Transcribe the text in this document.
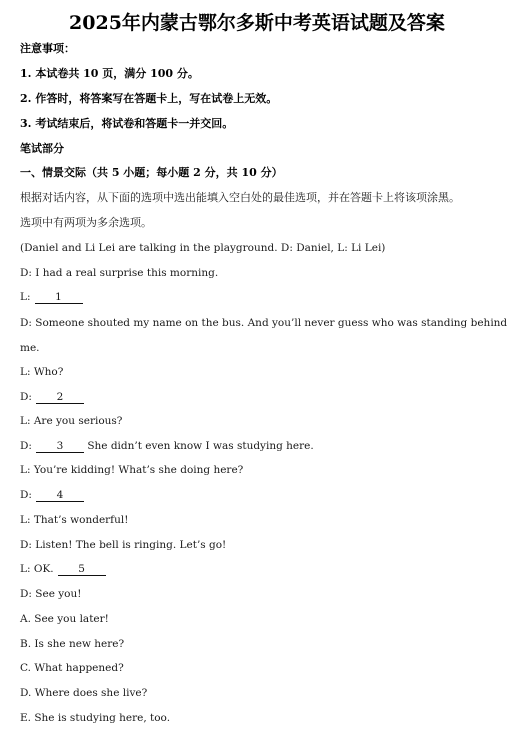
2025年内蒙古鄂尔多斯中考英语试题及答案
注意事项：
1. 本试卷共 10 页，满分 100 分。
2. 作答时，将答案写在答题卡上，写在试卷上无效。
3. 考试结束后，将试卷和答题卡一并交回。
笔试部分
一、情景交际（共 5 小题；每小题 2 分，共 10 分）
根据对话内容，从下面的选项中选出能填入空白处的最佳选项，并在答题卡上将该项涂黑。
选项中有两项为多余选项。
(Daniel and Li Lei are talking in the playground. D: Daniel, L: Li Lei)
D: I had a real surprise this morning.
L: 1
D: Someone shouted my name on the bus. And you’ll never guess who was standing behind
me.
L: Who?
D: 2
L: Are you serious?
D: 3 She didn’t even know I was studying here.
L: You’re kidding! What’s she doing here?
D: 4
L: That’s wonderful!
D: Listen! The bell is ringing. Let’s go!
L: OK. 5
D: See you!
A. See you later!
B. Is she new here?
C. What happened?
D. Where does she live?
E. She is studying here, too.
